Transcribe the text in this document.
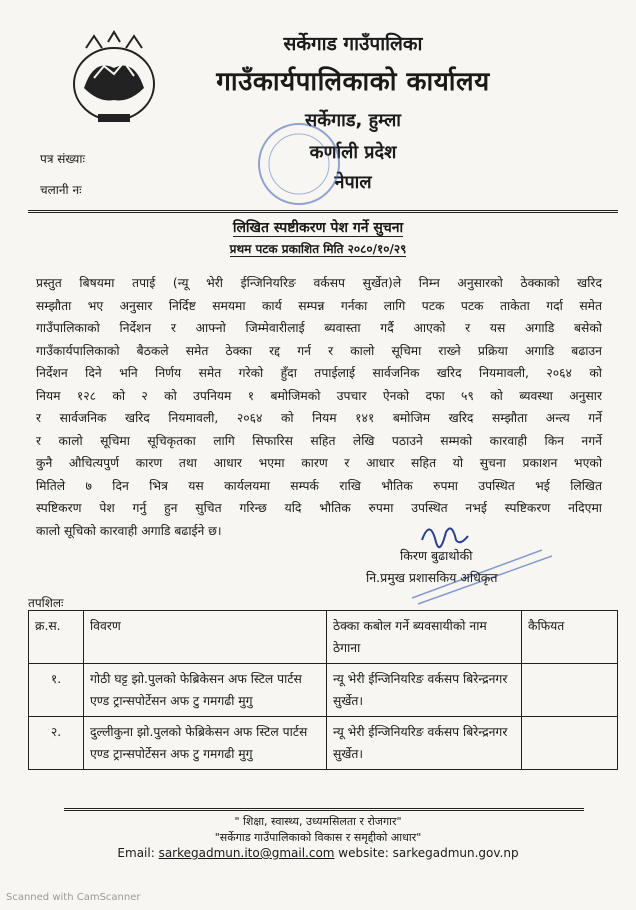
सर्केगाड गाउँपालिका
गाउँकार्यपालिकाको कार्यालय
सर्केगाड, हुम्ला
कर्णाली प्रदेश
नेपाल
पत्र संख्याः
चलानी नः
लिखित स्पष्टीकरण पेश गर्ने सुचना
प्रथम पटक प्रकाशित मिति २०८०/१०/२९
प्रस्तुत बिषयमा तपाई (न्यू भेरी ईन्जिनियरिङ वर्कसप सुर्खेत)ले निम्न अनुसारको ठेक्काको खरिद
सम्झौता भए अनुसार निर्दिष्ट समयमा कार्य सम्पन्न गर्नका लागि पटक पटक ताकेता गर्दा समेत
गाउँपालिकाको निर्देशन र आफ्नो जिम्मेवारीलाई ब्यवास्ता गर्दै आएको र यस अगाडि बसेको
गाउँकार्यपालिकाको बैठकले समेत ठेक्का रद्द गर्न र कालो सूचिमा राख्ने प्रक्रिया अगाडि बढाउन
निर्देशन दिने भनि निर्णय समेत गरेको हुँदा तपाईलाई सार्वजनिक खरिद नियमावली, २०६४ को
नियम १२८ को २ को उपनियम १ बमोजिमको उपचार ऐनको दफा ५९ को ब्यवस्था अनुसार
र सार्वजनिक खरिद नियमावली, २०६४ को नियम १४१ बमोजिम खरिद सम्झौता अन्त्य गर्ने
र कालो सूचिमा सूचिकृतका लागि सिफारिस सहित लेखि पठाउने सम्मको कारवाही किन नगर्ने
कुनै औचित्यपुर्ण कारण तथा आधार भएमा कारण र आधार सहित यो सुचना प्रकाशन भएको
मितिले ७ दिन भित्र यस कार्यलयमा सम्पर्क राखि भौतिक रुपमा उपस्थित भई लिखित
स्पष्टिकरण पेश गर्नु हुन सुचित गरिन्छ यदि भौतिक रुपमा उपस्थित नभई स्पष्टिकरण नदिएमा
कालो सूचिको कारवाही अगाडि बढाईने छ।
किरण बुढाथोकी
नि.प्रमुख प्रशासकिय अधिकृत
तपशिलः
क्र.स.	विवरण	ठेक्का कबोल गर्ने ब्यवसायीको नाम ठेगाना	कैफियत
१.	गोठी घट्ट झो.पुलको फेब्रिकेसन अफ स्टिल पार्टस एण्ड ट्रान्सपोर्टेसन अफ टु गमगढी मुगु	न्यू भेरी ईन्जिनियरिङ वर्कसप बिरेन्द्रनगर सुर्खेत।	
२.	दुल्लीकुना झो.पुलको फेब्रिकेसन अफ स्टिल पार्टस एण्ड ट्रान्सपोर्टेसन अफ टु गमगढी मुगु	न्यू भेरी ईन्जिनियरिङ वर्कसप बिरेन्द्रनगर सुर्खेत।	
" शिक्षा, स्वास्थ्य, उध्यमसिलता र रोजगार"
"सर्केगाड गाउँपालिकाको विकास र समृद्दीको आधार"
Email: sarkegadmun.ito@gmail.com website: sarkegadmun.gov.np
Scanned with CamScanner
